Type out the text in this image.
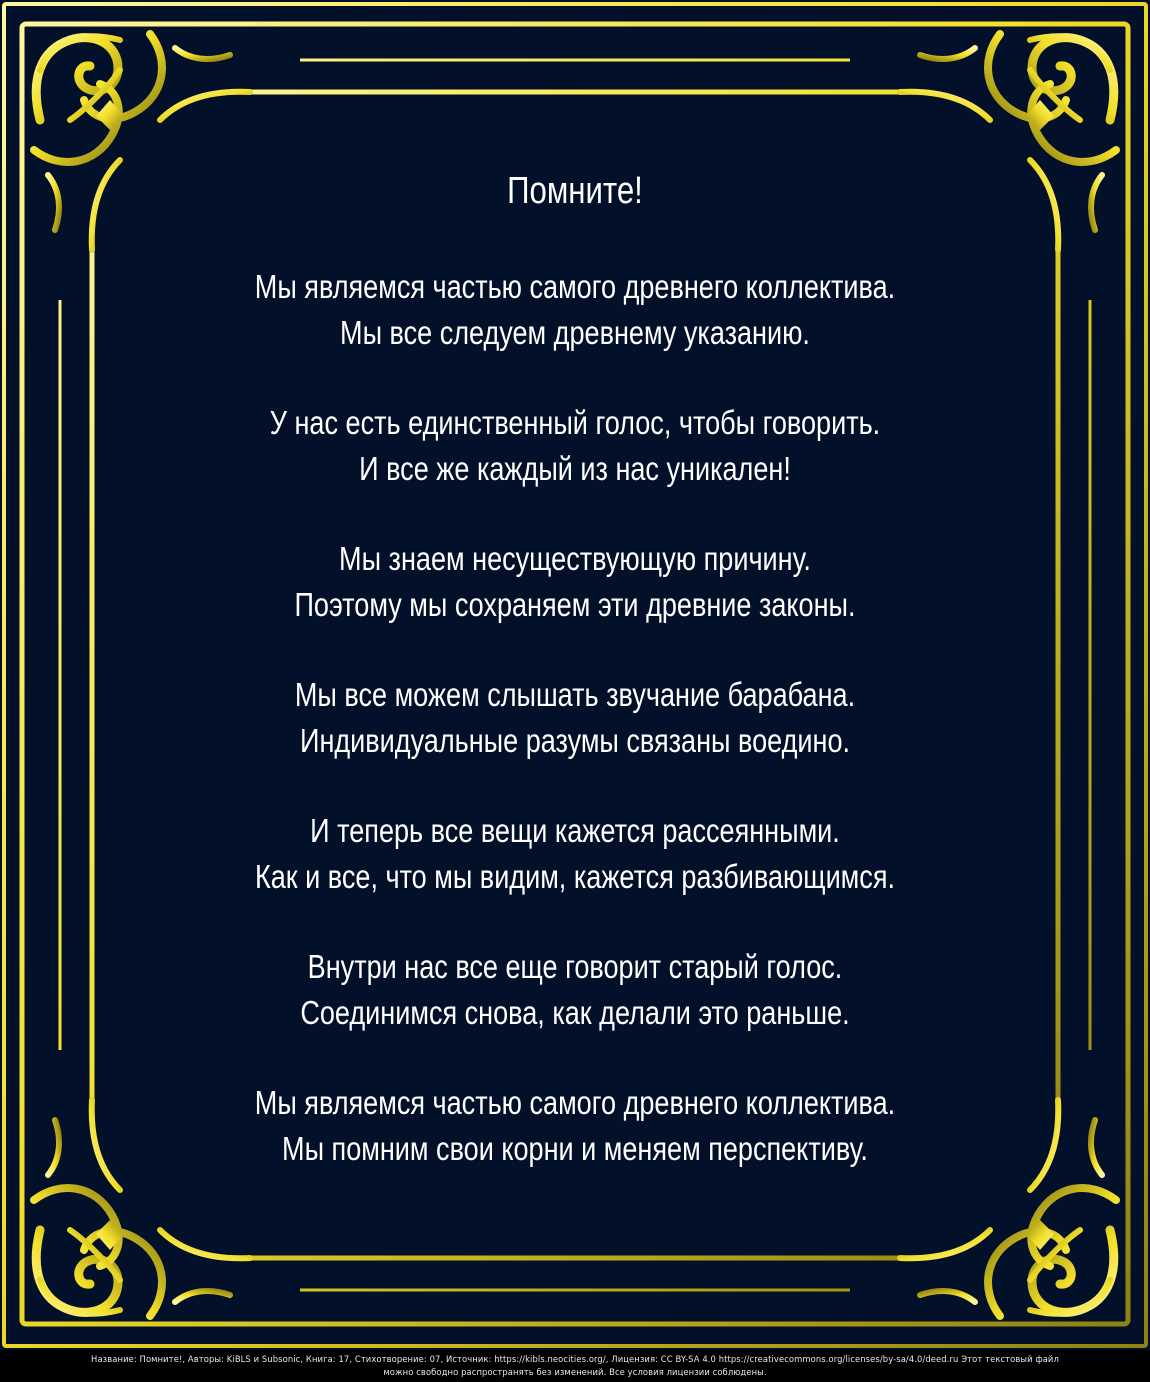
Помните!
Мы являемся частью самого древнего коллектива.
Мы все следуем древнему указанию.
У нас есть единственный голос, чтобы говорить.
И все же каждый из нас уникален!
Мы знаем несуществующую причину.
Поэтому мы сохраняем эти древние законы.
Мы все можем слышать звучание барабана.
Индивидуальные разумы связаны воедино.
И теперь все вещи кажется рассеянными.
Как и все, что мы видим, кажется разбивающимся.
Внутри нас все еще говорит старый голос.
Соединимся снова, как делали это раньше.
Мы являемся частью самого древнего коллектива.
Мы помним свои корни и меняем перспективу.
Название: Помните!, Авторы: KiBLS и Subsonic, Книга: 17, Стихотворение: 07, Источник: https://kibls.neocities.org/, Лицензия: CC BY-SA 4.0 https://creativecommons.org/licenses/by-sa/4.0/deed.ru Этот текстовый файл
можно свободно распространять без изменений. Все условия лицензии соблюдены.
